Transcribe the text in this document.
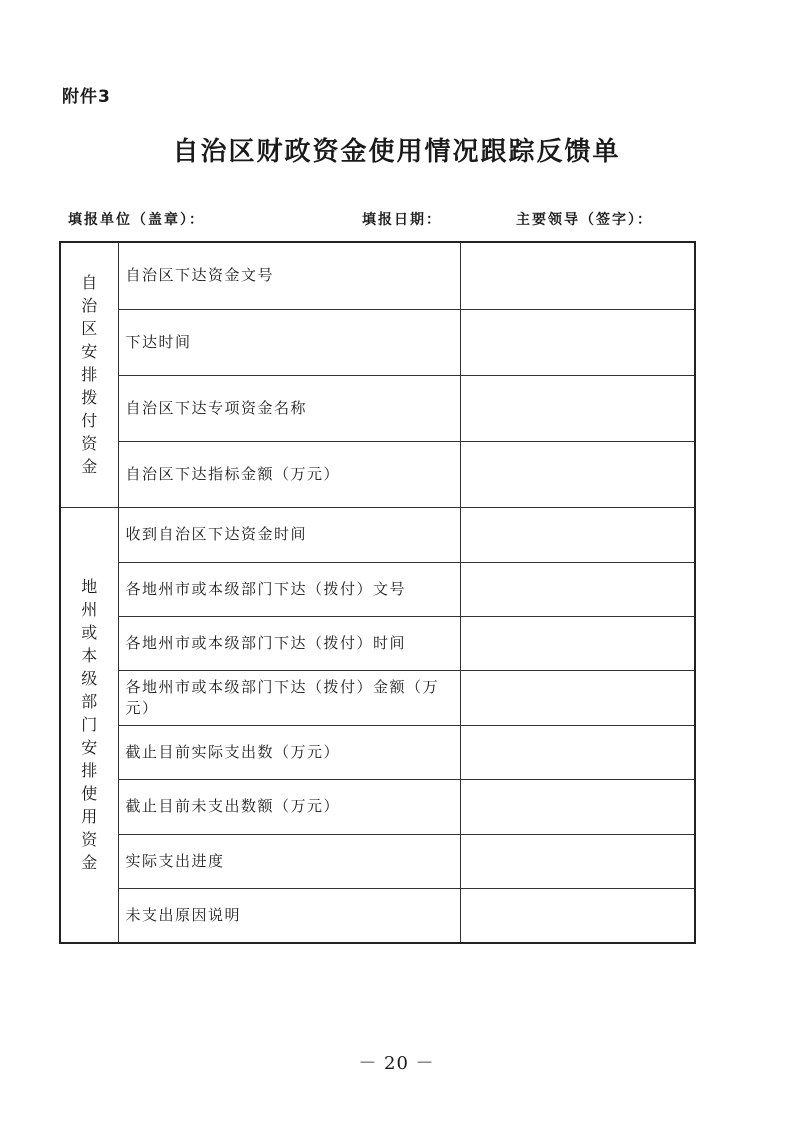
附件3
自治区财政资金使用情况跟踪反馈单
填报单位（盖章）：	填报日期：	主要领导（签字）：
自治区安排拨付资金	自治区下达资金文号	
	下达时间	
	自治区下达专项资金名称	
	自治区下达指标金额（万元）	
地州或本级部门安排使用资金	收到自治区下达资金时间	
	各地州市或本级部门下达（拨付）文号	
	各地州市或本级部门下达（拨付）时间	
	各地州市或本级部门下达（拨付）金额（万元）	
	截止目前实际支出数（万元）	
	截止目前未支出数额（万元）	
	实际支出进度	
	未支出原因说明	
－ 20 －
